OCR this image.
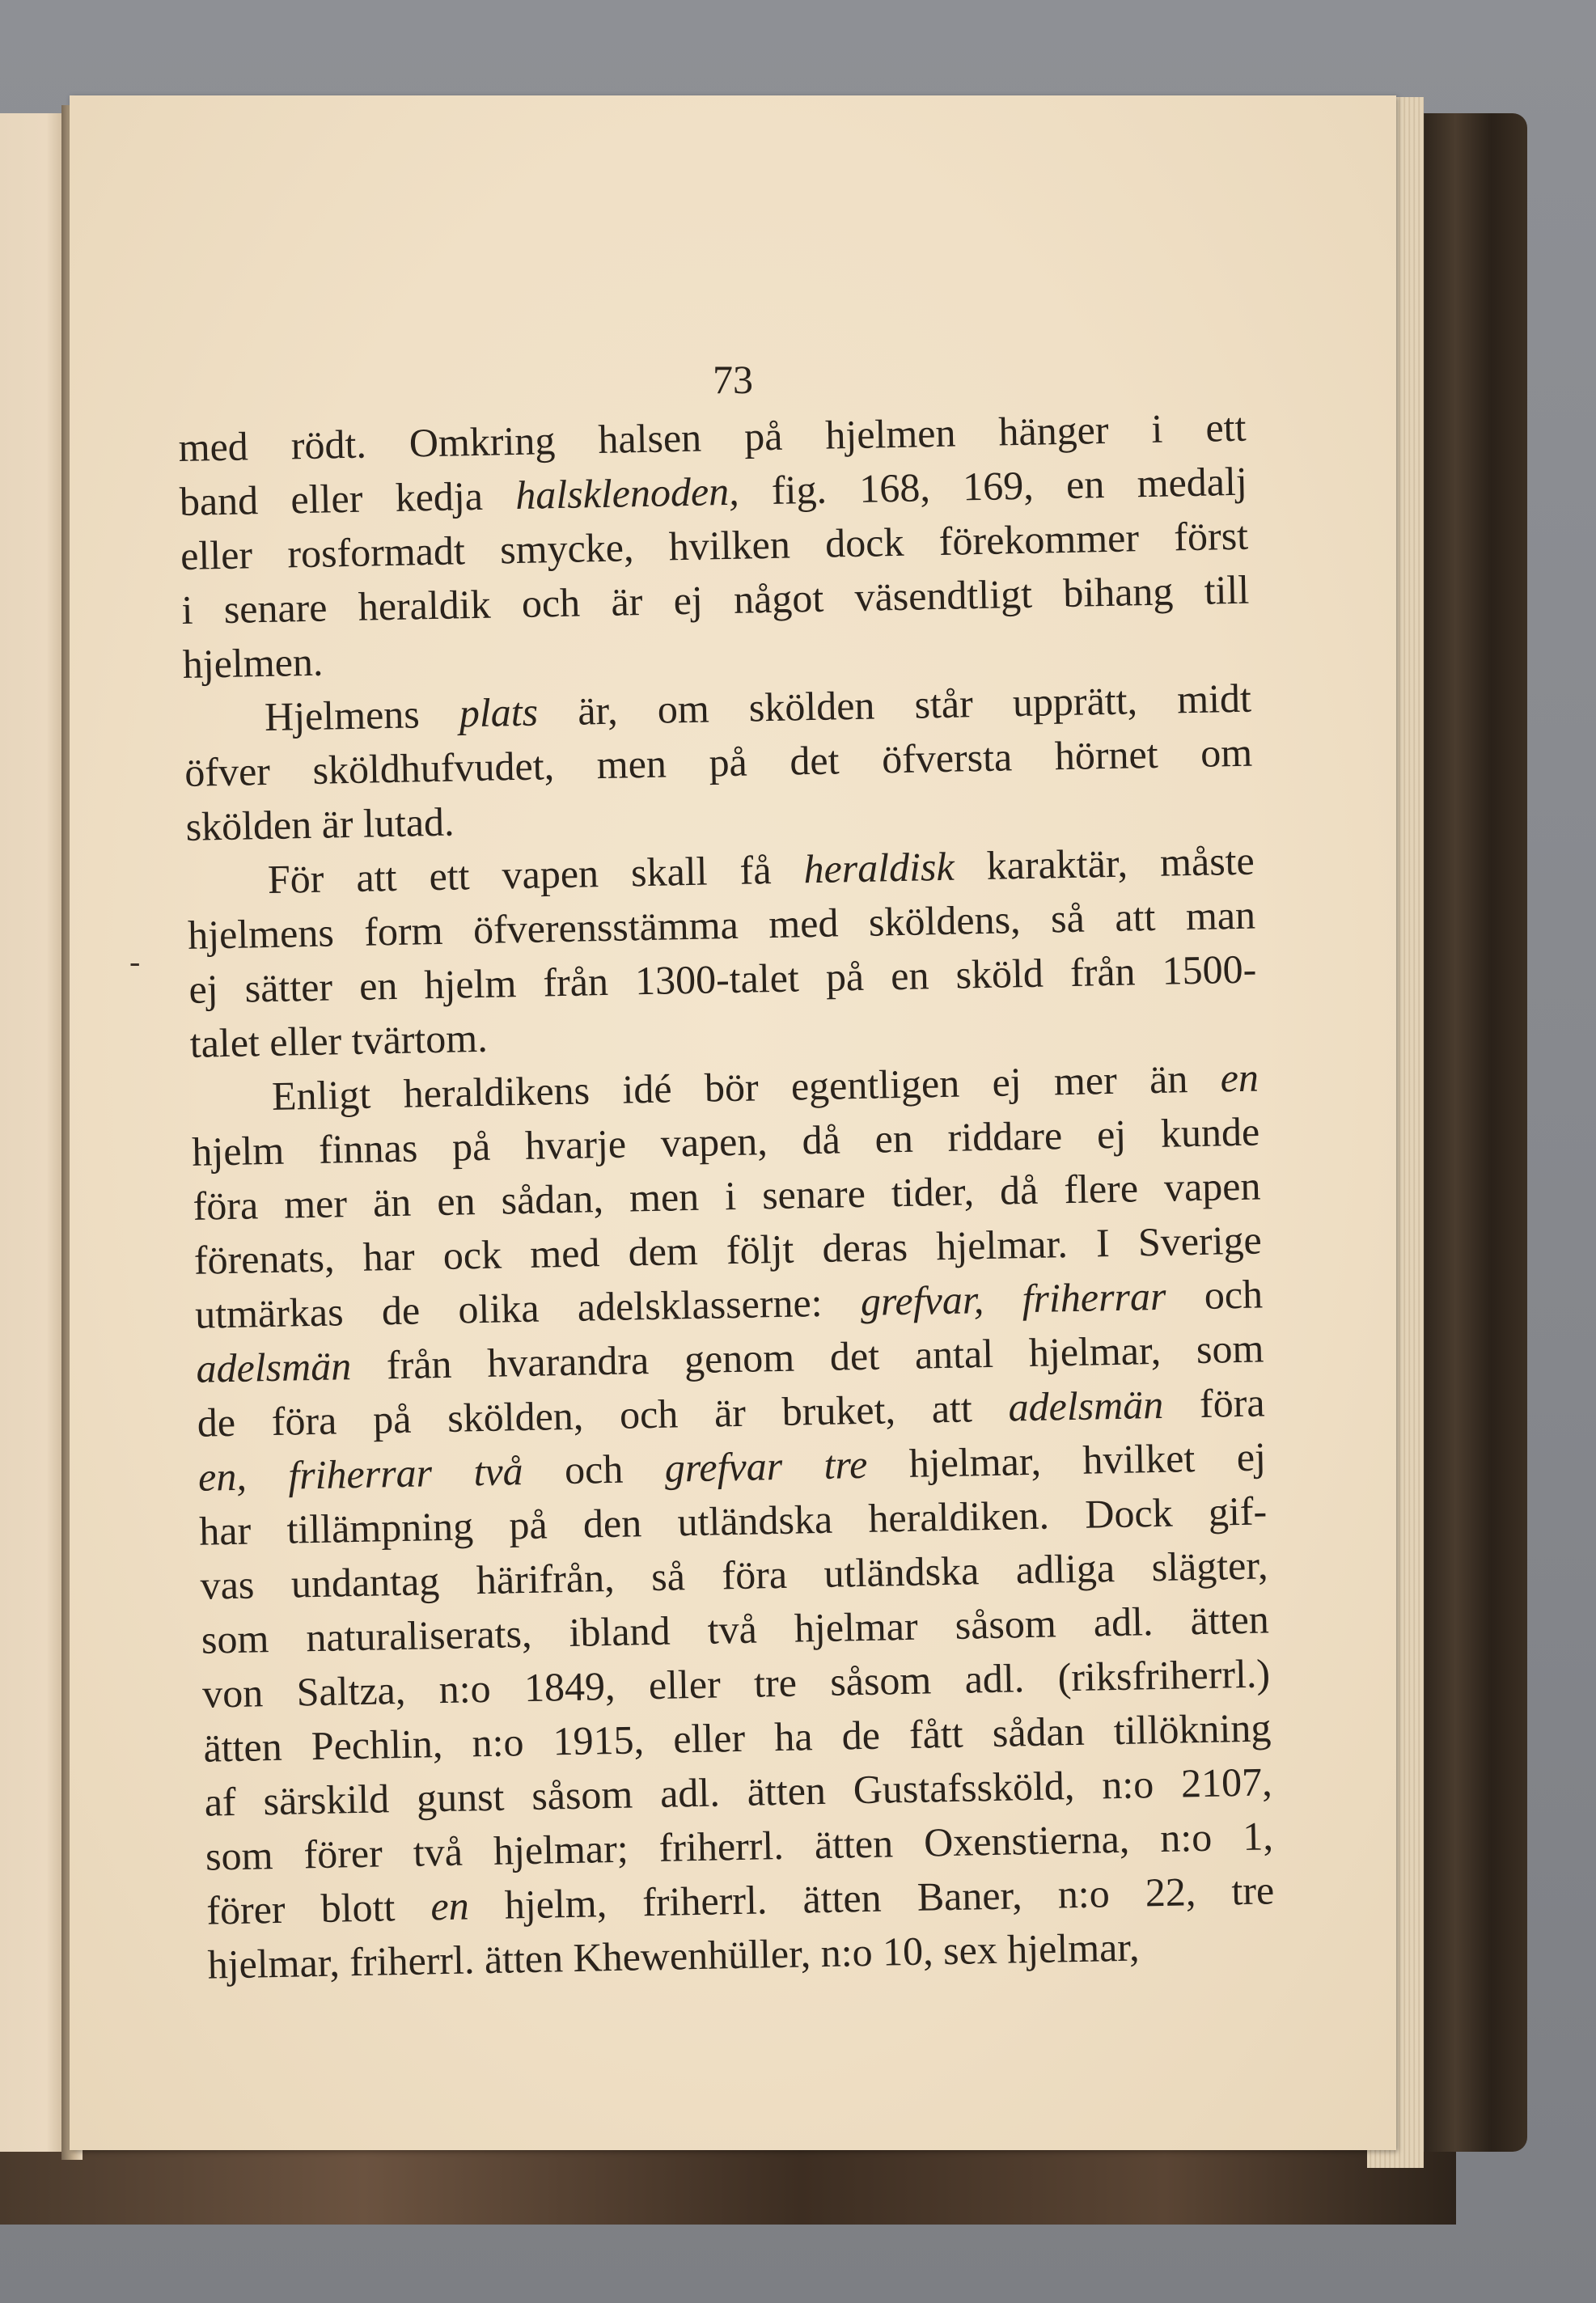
73
med rödt. Omkring halsen på hjelmen hänger i ett
band eller kedja halsklenoden, fig. 168, 169, en medalj
eller rosformadt smycke, hvilken dock förekommer först
i senare heraldik och är ej något väsendtligt bihang till
hjelmen.
Hjelmens plats är, om skölden står upprätt, midt
öfver sköldhufvudet, men på det öfversta hörnet om
skölden är lutad.
För att ett vapen skall få heraldisk karaktär, måste
hjelmens form öfverensstämma med sköldens, så att man
ej sätter en hjelm från 1300-talet på en sköld från 1500-
talet eller tvärtom.
Enligt heraldikens idé bör egentligen ej mer än en
hjelm finnas på hvarje vapen, då en riddare ej kunde
föra mer än en sådan, men i senare tider, då flere vapen
förenats, har ock med dem följt deras hjelmar. I Sverige
utmärkas de olika adelsklasserne: grefvar, friherrar och
adelsmän från hvarandra genom det antal hjelmar, som
de föra på skölden, och är bruket, att adelsmän föra
en, friherrar två och grefvar tre hjelmar, hvilket ej
har tillämpning på den utländska heraldiken. Dock gif-
vas undantag härifrån, så föra utländska adliga slägter,
som naturaliserats, ibland två hjelmar såsom adl. ätten
von Saltza, n:o 1849, eller tre såsom adl. (riksfriherrl.)
ätten Pechlin, n:o 1915, eller ha de fått sådan tillökning
af särskild gunst såsom adl. ätten Gustafssköld, n:o 2107,
som förer två hjelmar; friherrl. ätten Oxenstierna, n:o 1,
förer blott en hjelm, friherrl. ätten Baner, n:o 22, tre
hjelmar, friherrl. ätten Khewenhüller, n:o 10, sex hjelmar,
-
